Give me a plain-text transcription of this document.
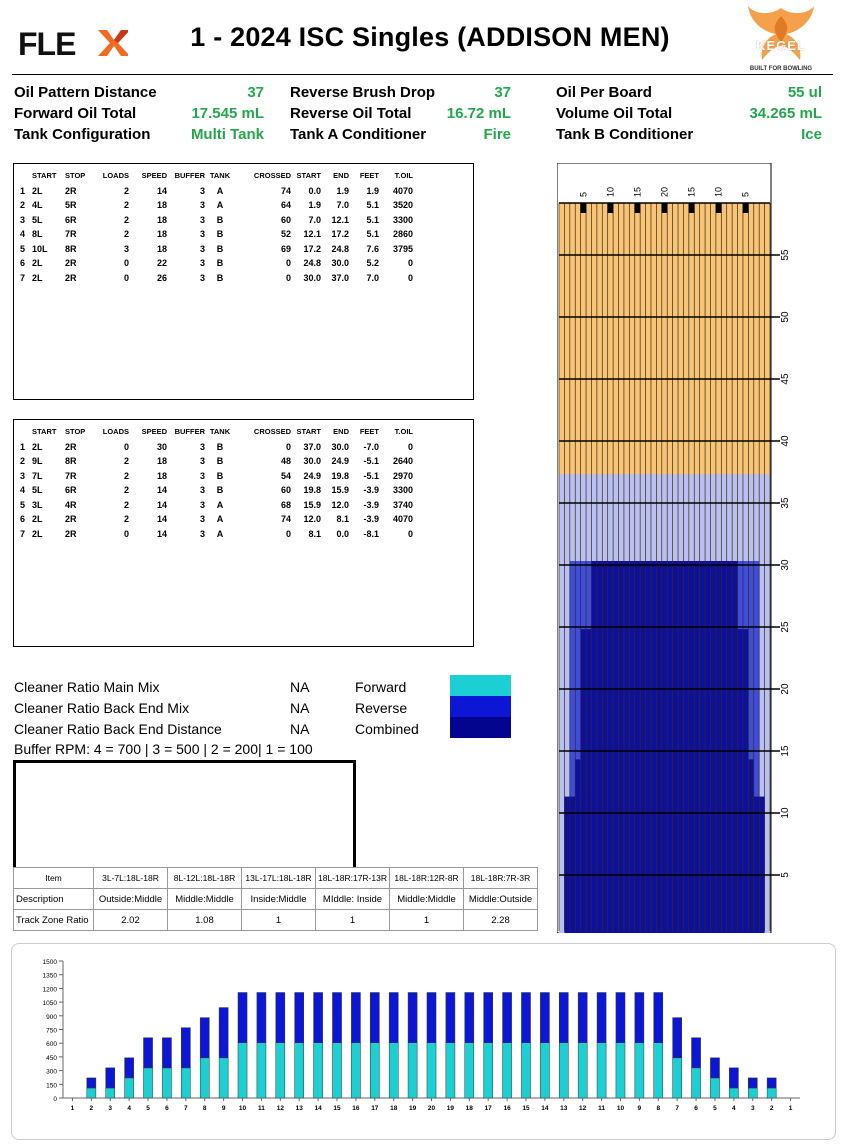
FLE	1 - 2024 ISC Singles (ADDISON MEN)	KEGEL
BUILT FOR BOWLING
Oil Pattern Distance	37 Reverse Brush Drop	37	Oil Per Board	55 ul
Forward Oil Total	17.545 mL Reverse Oil Total 16.72 mL	Volume Oil Total	34.265 mL
Tank Configuration	Multi Tank Tank A Conditioner	Fire	Tank B Conditioner	Ice
	START	STOP	LOADS	SPEED	BUFFER	TANK	CROSSED	START	END	FEET	T.OIL
1	2L	2R	2	14	3	A	74	0.0	1.9	1.9	4070
2	4L	5R	2	18	3	A	64	1.9	7.0	5.1	3520
3	5L	6R	2	18	3	B	60	7.0	12.1	5.1	3300
4	8L	7R	2	18	3	B	52	12.1	17.2	5.1	2860
5	10L	8R	3	18	3	B	69	17.2	24.8	7.6	3795
6	2L	2R	0	22	3	B	0	24.8	30.0	5.2	0
7	2L	2R	0	26	3	B	0	30.0	37.0	7.0	0
	START	STOP	LOADS	SPEED	BUFFER	TANK	CROSSED	START	END	FEET	T.OIL
1	2L	2R	0	30	3	B	0	37.0	30.0	-7.0	0
2	9L	8R	2	18	3	B	48	30.0	24.9	-5.1	2640
3	7L	7R	2	18	3	B	54	24.9	19.8	-5.1	2970
4	5L	6R	2	14	3	B	60	19.8	15.9	-3.9	3300
5	3L	4R	2	14	3	A	68	15.9	12.0	-3.9	3740
6	2L	2R	2	14	3	A	74	12.0	8.1	-3.9	4070
7	2L	2R	0	14	3	A	0	8.1	0.0	-8.1	0
Cleaner Ratio Main Mix	NA
Cleaner Ratio Back End Mix	NA
Cleaner Ratio Back End Distance	NA
Forward
Reverse
Combined
Buffer RPM: 4 = 700 | 3 = 500 | 2 = 200| 1 = 100
Item	3L-7L:18L-18R	8L-12L:18L-18R	13L-17L:18L-18R	18L-18R:17R-13R	18L-18R:12R-8R	18L-18R:7R-3R
Description	Outside:Middle	Middle:Middle	Inside:Middle	MIddle: Inside	Middle:Middle	Middle:Outside
Track Zone Ratio	2.02	1.08	1	1	1	2.28
55
50
45
40
35
30
25
20
15
10
5
5 10 15 20 15 10 5
0
150
300
450
600
750
900
1050
1200
1350
1500
1 2 3 4 5 6 7 8 9 10 11 12 13 14 15 16 17 18 19 20 19 18 17 16 15 14 13 12 11 10 9 8 7 6 5 4 3 2 1
